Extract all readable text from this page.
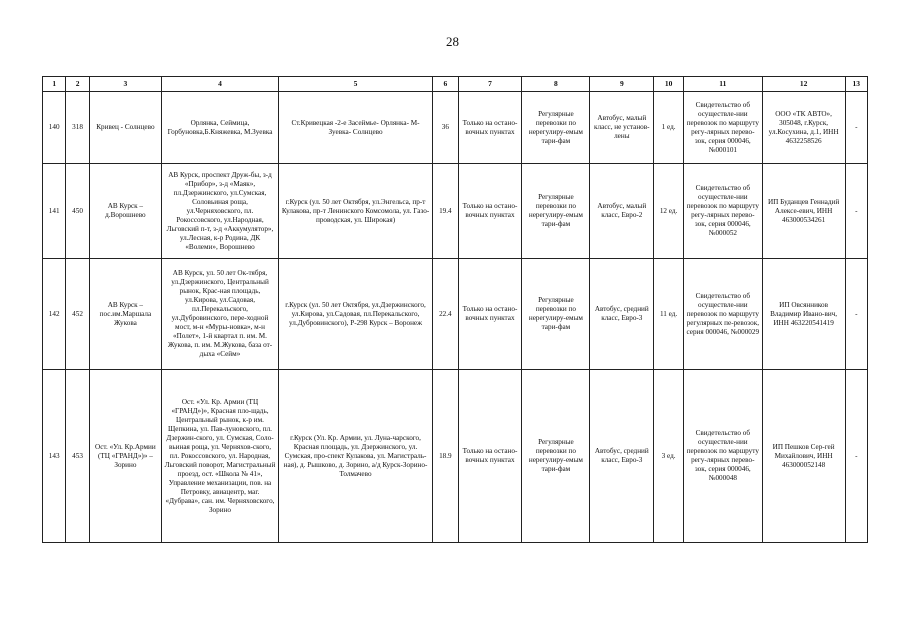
28
1	2	3	4	5	6	7	8	9	10	11	12	13
140	318	Кривец - Солнцево	Орлянка, Сеймица, Горбуновка,Б.Княжевка, М.Зуевка	Ст.Кривецкая -2-е Засеймье- Орлянка- М-Зуевка- Солнцево	36	Только на остано-вочных пунктах	Регулярные перевозки по нерегулиру-емым тари-фам	Автобус, малый класс, не установ-лены	1 ед.	Свидетельство об осуществле-нии перевозок по маршруту регу-лярных перево-зок, серия 000046, №000101	ООО «ТК АВТО», 305048, г.Курск, ул.Косухина, д.1, ИНН 4632258526	-
141	450	АВ Курск – д.Ворошнево	АВ Курск, проспект Друж-бы, з-д «Прибор», з-д «Маяк», пл.Дзержинского, ул.Сумская, Соловьиная роща, ул.Черняховского, пл. Рокоссовского, ул.Народная, Льговский п-т, з-д «Аккумулятор», ул.Лесная, к-р Родина, ДК «Волеми», Ворошнево	г.Курск (ул. 50 лет Октября, ул.Энгельса, пр-т Кулакова, пр-т Ленинского Комсомола, ул. Газо-проводская, ул. Широкая)	19.4	Только на остано-вочных пунктах	Регулярные перевозки по нерегулиру-емым тари-фам	Автобус, малый класс, Евро-2	12 ед.	Свидетельство об осуществле-нии перевозок по маршруту регу-лярных перево-зок, серия 000046, №000052	ИП Буданцев Геннадий Алексе-евич, ИНН 463000534261	-
142	452	АВ Курск – пос.им.Маршала Жукова	АВ Курск, ул. 50 лет Ок-тября, ул.Дзержинского, Центральный рынок, Крас-ная площадь, ул.Кирова, ул.Садовая, пл.Перекальского, ул.Дубровинского, пере-ходной мост, м-н «Муры-новка», м-н «Полет», 1-й квартал п. им. М. Жукова, п. им. М.Жукова, база от-дыха «Сейм»	г.Курск (ул. 50 лет Октября, ул.Дзержинского, ул.Кирова, ул.Садовая, пл.Перекальского, ул.Дубровинского), Р-298 Курск – Воронеж	22.4	Только на остано-вочных пунктах	Регулярные перевозки по нерегулиру-емым тари-фам	Автобус, средний класс, Евро-3	11 ед.	Свидетельство об осуществле-нии перевозок по маршруту регулярных пе-ревозок, серия 000046, №000029	ИП Овсянников Владимир Ивано-вич, ИНН 463220541419	-
143	453	Ост. «Ул. Кр.Армии (ТЦ «ГРАНД»)» – Зорино	Ост. «Ул. Кр. Армии (ТЦ «ГРАНД»)», Красная пло-щадь, Центральный рынок, к-р им. Щепкина, ул. Пав-луновского, пл. Дзержин-ского, ул. Сумская, Соло-вьиная роща, ул. Черняхов-ского, пл. Рокоссовского, ул. Народная, Льговский поворот, Магистральный проезд, ост. «Школа № 41», Управление механизации, пов. на Петровку, авиацентр, маг. «Дубрава», сан. им. Черняховского, Зорино	г.Курск (Ул. Кр. Армии, ул. Луна-чарского, Красная площадь, ул. Дзержинского, ул. Сумская, про-спект Кулакова, ул. Магистраль-ная), д. Рышково, д. Зорино, а/д Курск-Зорино-Толмачево	18.9	Только на остано-вочных пунктах	Регулярные перевозки по нерегулиру-емым тари-фам	Автобус, средний класс, Евро-3	3 ед.	Свидетельство об осуществле-нии перевозок по маршруту регу-лярных перево-зок, серия 000046, №000048	ИП Пешков Сер-гей Михайлович, ИНН 463000052148	-
